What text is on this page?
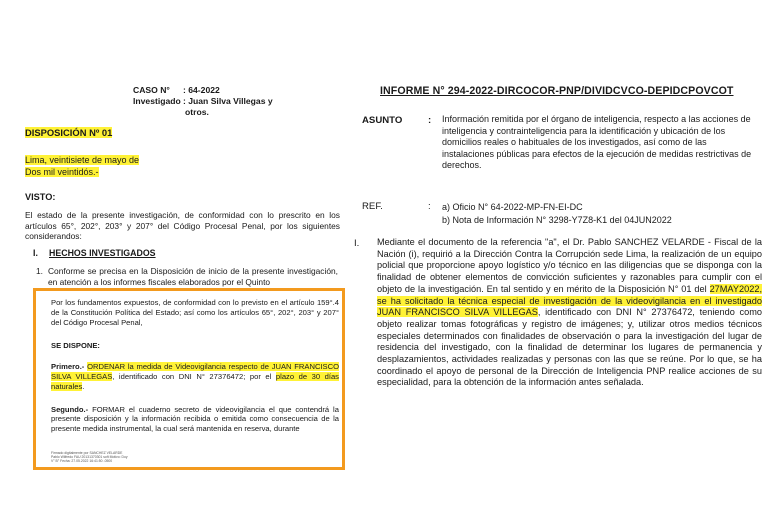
CASO N°	: 64-2022
Investigado : Juan Silva Villegas y
otros.
DISPOSICIÓN Nº 01
Lima, veintisiete de mayo de
Dos mil veintidós.-
VISTO:
El estado de la presente investigación, de conformidad con lo prescrito en los artículos 65°, 202°, 203° y 207° del Código Procesal Penal, por los siguientes considerandos:
I. HECHOS INVESTIGADOS
1. Conforme se precisa en la Disposición de inicio de la presente investigación, en atención a los informes fiscales elaborados por el Quinto
Por los fundamentos expuestos, de conformidad con lo previsto en el artículo 159°.4 de la Constitución Política del Estado; así como los artículos 65°, 202°, 203° y 207° del Código Procesal Penal,
SE DISPONE:
Primero.- ORDENAR la medida de Videovigilancia respecto de JUAN FRANCISCO SILVA VILLEGAS, identificado con DNI N° 27376472; por el plazo de 30 días naturales.
Segundo.- FORMAR el cuaderno secreto de videovigilancia el que contendrá la presente disposición y la información recibida o emitida como consecuencia de la presente medida instrumental, la cual será mantenida en reserva, durante
Firmado digitalmente por SANCHEZ VELARDE Pablo Wilfredo FAU 20131370301 soft Motivo: Doy V° B° Fecha: 27.05.2022 16:41:50 -0500
INFORME N° 294-2022-DIRCOCOR-PNP/DIVIDCVCO-DEPIDCPOVCOT
ASUNTO	: Información remitida por el órgano de inteligencia, respecto a las acciones de inteligencia y contrainteligencia para la identificación y ubicación de los domicilios reales o habituales de los investigados, así como de las instalaciones públicas para efectos de la ejecución de medidas restrictivas de derechos.
REF.	: a) Oficio N° 64-2022-MP-FN-EI-DC
b) Nota de Información N° 3298-Y7Z8-K1 del 04JUN2022
I. Mediante el documento de la referencia "a", el Dr. Pablo SANCHEZ VELARDE - Fiscal de la Nación (i), requirió a la Dirección Contra la Corrupción sede Lima, la realización de un equipo policial que proporcione apoyo logístico y/o técnico en las diligencias que se disponga con la finalidad de obtener elementos de convicción suficientes y razonables para cumplir con el objeto de la investigación. En tal sentido y en mérito de la Disposición N° 01 del 27MAY2022, se ha solicitado la técnica especial de investigación de la videovigilancia en el investigado JUAN FRANCISCO SILVA VILLEGAS, identificado con DNI N° 27376472, teniendo como objeto realizar tomas fotográficas y registro de imágenes; y, utilizar otros medios técnicos especiales determinados con finalidades de observación o para la investigación del lugar de residencia del investigado, con la finalidad de determinar los lugares de permanencia y desplazamientos, actividades realizadas y personas con las que se reúne. Por lo que, se ha coordinado el apoyo de personal de la Dirección de Inteligencia PNP realice acciones de su especialidad, para la obtención de la información antes señalada.
